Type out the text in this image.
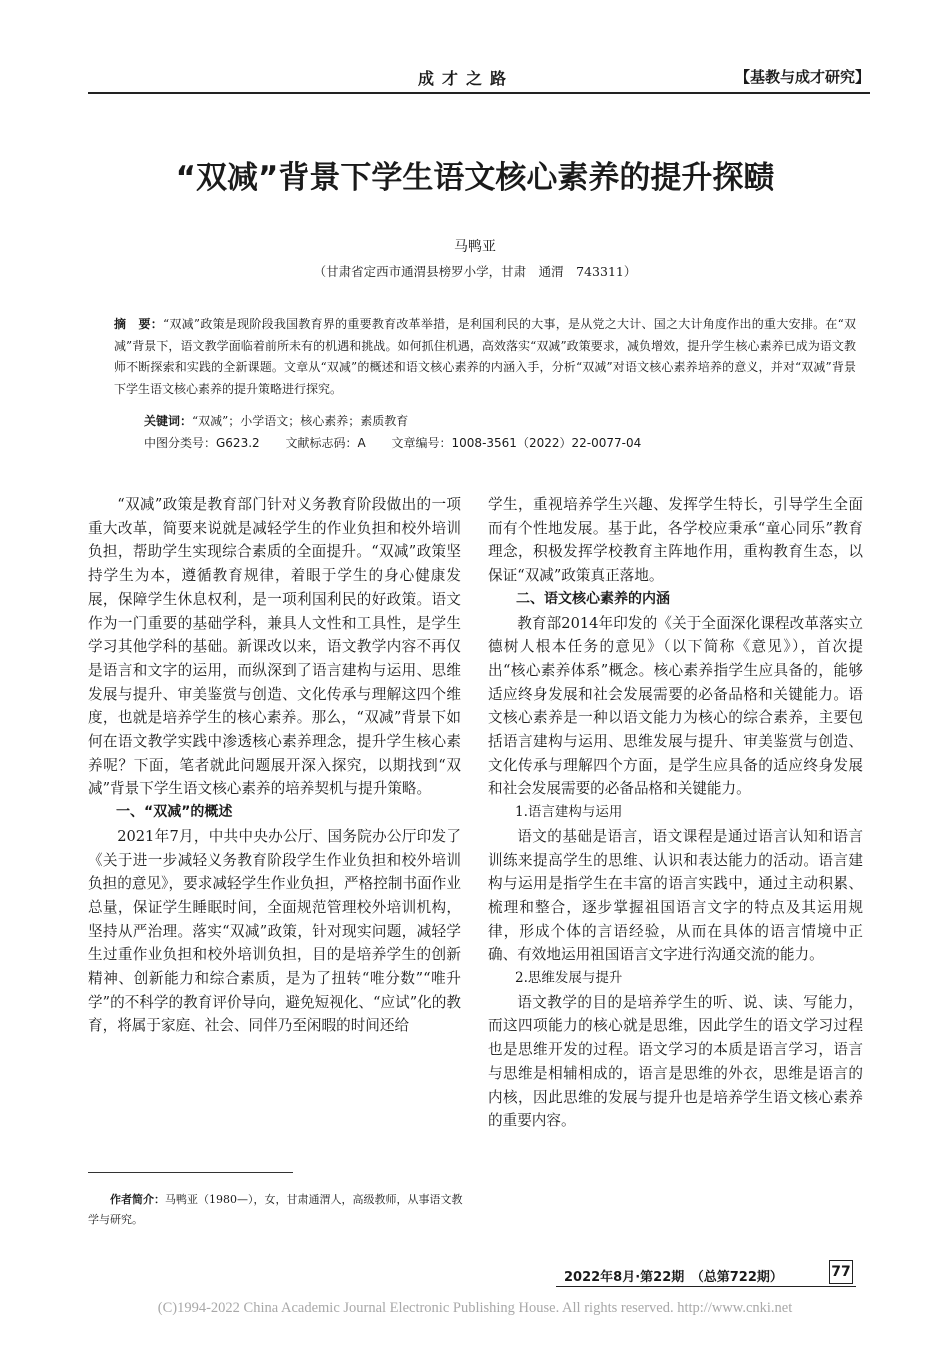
成才之路	【基教与成才研究】
“双减”背景下学生语文核心素养的提升探赜
马鸭亚
（甘肃省定西市通渭县榜罗小学，甘肃　通渭　743311）
摘　要：“双减”政策是现阶段我国教育界的重要教育改革举措，是利国利民的大事，是从党之大计、国之大计角度作出的重大安排。在“双减”背景下，语文教学面临着前所未有的机遇和挑战。如何抓住机遇，高效落实“双减”政策要求，减负增效，提升学生核心素养已成为语文教师不断探索和实践的全新课题。文章从“双减”的概述和语文核心素养的内涵入手，分析“双减”对语文核心素养培养的意义，并对“双减”背景下学生语文核心素养的提升策略进行探究。
关键词：“双减”；小学语文；核心素养；素质教育
中图分类号：G623.2 文献标志码：A 文章编号：1008-3561（2022）22-0077-04

“双减”政策是教育部门针对义务教育阶段做出的一项重大改革，简要来说就是减轻学生的作业负担和校外培训负担，帮助学生实现综合素质的全面提升。“双减”政策坚持学生为本，遵循教育规律，着眼于学生的身心健康发展，保障学生休息权利，是一项利国利民的好政策。语文作为一门重要的基础学科，兼具人文性和工具性，是学生学习其他学科的基础。新课改以来，语文教学内容不再仅是语言和文字的运用，而纵深到了语言建构与运用、思维发展与提升、审美鉴赏与创造、文化传承与理解这四个维度，也就是培养学生的核心素养。那么，“双减”背景下如何在语文教学实践中渗透核心素养理念，提升学生核心素养呢？下面，笔者就此问题展开深入探究，以期找到“双减”背景下学生语文核心素养的培养契机与提升策略。

一、“双减”的概述

2021年7月，中共中央办公厅、国务院办公厅印发了《关于进一步减轻义务教育阶段学生作业负担和校外培训负担的意见》，要求减轻学生作业负担，严格控制书面作业总量，保证学生睡眠时间，全面规范管理校外培训机构，坚持从严治理。落实“双减”政策，针对现实问题，减轻学生过重作业负担和校外培训负担，目的是培养学生的创新精神、创新能力和综合素质，是为了扭转“唯分数”“唯升学”的不科学的教育评价导向，避免短视化、“应试”化的教育，将属于家庭、社会、同伴乃至闲暇的时间还给

学生，重视培养学生兴趣、发挥学生特长，引导学生全面而有个性地发展。基于此，各学校应秉承“童心同乐”教育理念，积极发挥学校教育主阵地作用，重构教育生态，以保证“双减”政策真正落地。

二、语文核心素养的内涵

教育部2014年印发的《关于全面深化课程改革落实立德树人根本任务的意见》（以下简称《意见》），首次提出“核心素养体系”概念。核心素养指学生应具备的，能够适应终身发展和社会发展需要的必备品格和关键能力。语文核心素养是一种以语文能力为核心的综合素养，主要包括语言建构与运用、思维发展与提升、审美鉴赏与创造、文化传承与理解四个方面，是学生应具备的适应终身发展和社会发展需要的必备品格和关键能力。

1.语言建构与运用

语文的基础是语言，语文课程是通过语言认知和语言训练来提高学生的思维、认识和表达能力的活动。语言建构与运用是指学生在丰富的语言实践中，通过主动积累、梳理和整合，逐步掌握祖国语言文字的特点及其运用规律，形成个体的言语经验，从而在具体的语言情境中正确、有效地运用祖国语言文字进行沟通交流的能力。

2.思维发展与提升

语文教学的目的是培养学生的听、说、读、写能力，而这四项能力的核心就是思维，因此学生的语文学习过程也是思维开发的过程。语文学习的本质是语言学习，语言与思维是相辅相成的，语言是思维的外衣，思维是语言的内核，因此思维的发展与提升也是培养学生语文核心素养的重要内容。

作者简介：马鸭亚（1980—），女，甘肃通渭人，高级教师，从事语文教学与研究。
2022年8月·第22期　（总第722期）	77
(C)1994-2022 China Academic Journal Electronic Publishing House. All rights reserved. http://www.cnki.net
